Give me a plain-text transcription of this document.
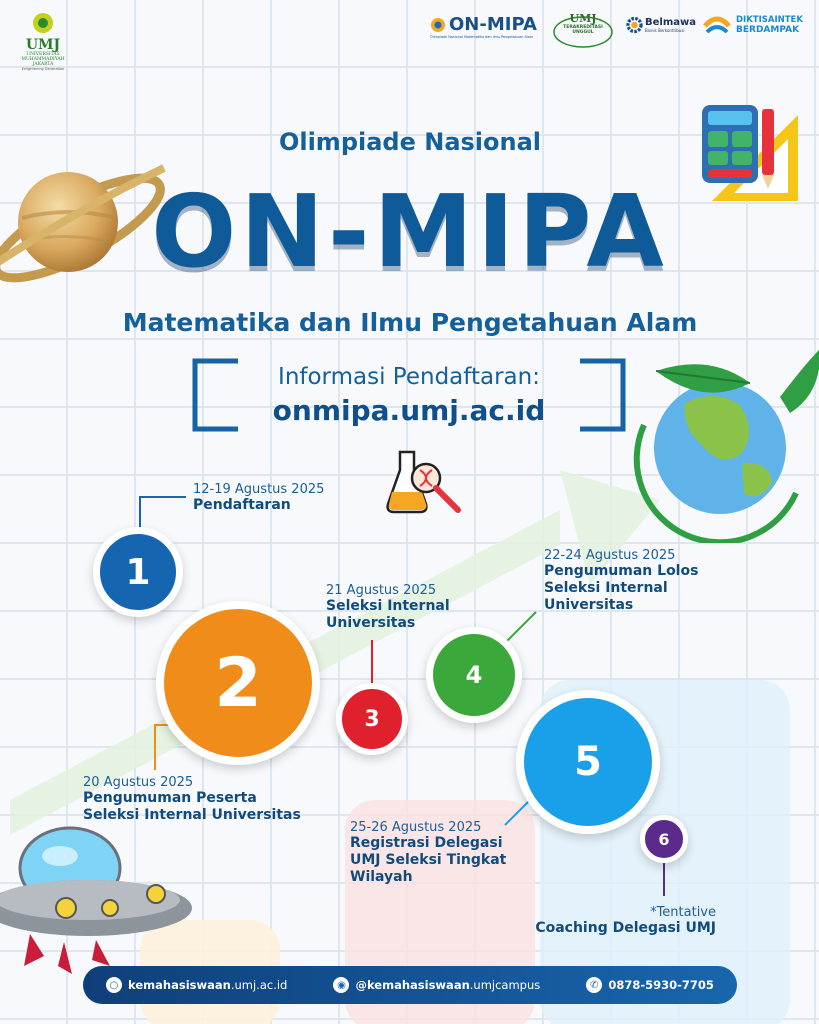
UMJ
UNIVERSITAS MUHAMMADIYAH JAKARTA
Enlightening Generation
ON-MIPA
Olimpiade Nasional Matematika dan Ilmu Pengetahuan Alam
UMJ
TERAKREDITASI UNGGUL
Belmawa
Bisnis Berkontribusi
DIKTISAINTEK
BERDAMPAK
Olimpiade Nasional
ON-MIPA
Matematika dan Ilmu Pengetahuan Alam
Informasi Pendaftaran:
onmipa.umj.ac.id
1
2	3
4
5
6
12-19 Agustus 2025
Pendaftaran
20 Agustus 2025
Pengumuman Peserta
Seleksi Internal Universitas
21 Agustus 2025
Seleksi Internal
Universitas
22-24 Agustus 2025
Pengumuman Lolos
Seleksi Internal
Universitas
25-26 Agustus 2025
Registrasi Delegasi
UMJ Seleksi Tingkat
Wilayah
*Tentative
Coaching Delegasi UMJ
○ kemahasiswaan.umj.ac.id	◉ @kemahasiswaan.umjcampus	✆ 0878-5930-7705
